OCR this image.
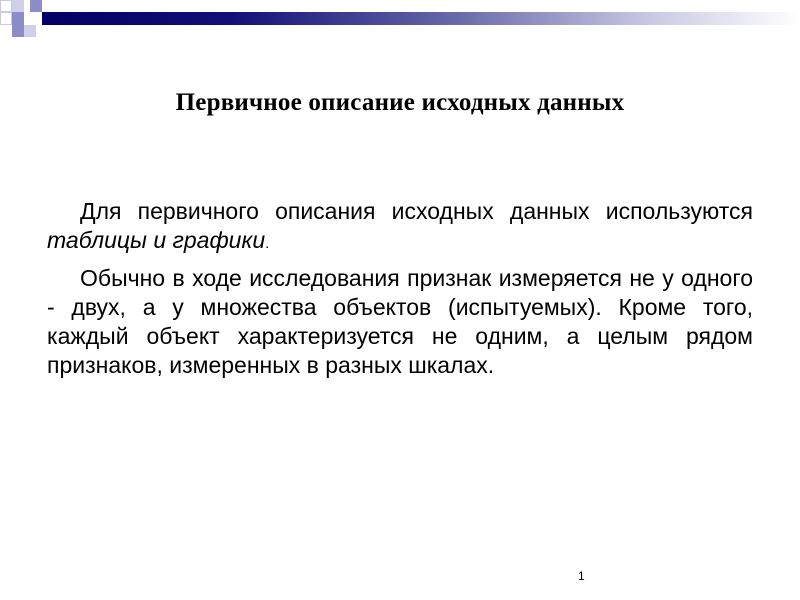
Первичное описание исходных данных

Для первичного описания исходных данных используются таблицы и графики.

Обычно в ходе исследования признак измеряется не у одного - двух, а у множества объектов (испытуемых). Кроме того, каждый объект характеризуется не одним, а целым рядом признаков, измеренных в разных шкалах.

1
